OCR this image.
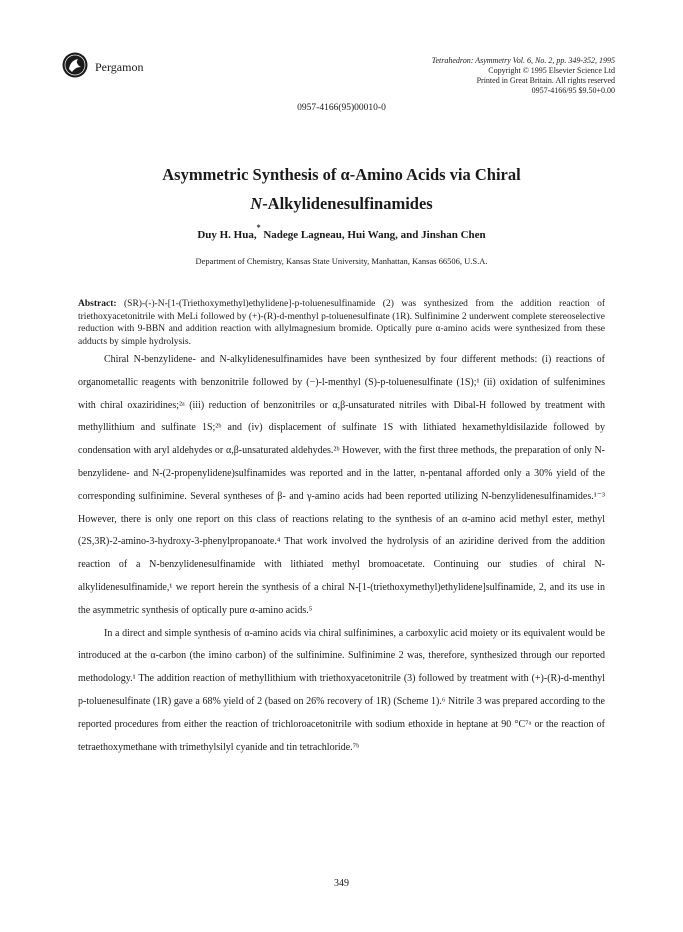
Pergamon	Tetrahedron: Asymmetry Vol. 6, No. 2, pp. 349-352, 1995
Copyright © 1995 Elsevier Science Ltd
Printed in Great Britain. All rights reserved
0957-4166/95 $9.50+0.00
0957-4166(95)00010-0
Asymmetric Synthesis of α-Amino Acids via Chiral
N-Alkylidenesulfinamides
Duy H. Hua,* Nadege Lagneau, Hui Wang, and Jinshan Chen
Department of Chemistry, Kansas State University, Manhattan, Kansas 66506, U.S.A.
Abstract: (SR)-(-)-N-[1-(Triethoxymethyl)ethylidene]-p-toluenesulfinamide (2) was synthesized from the addition reaction of triethoxyacetonitrile with MeLi followed by (+)-(R)-d-menthyl p-toluenesulfinate (1R). Sulfinimine 2 underwent complete stereoselective reduction with 9-BBN and addition reaction with allylmagnesium bromide. Optically pure α-amino acids were synthesized from these adducts by simple hydrolysis.

Chiral N-benzylidene- and N-alkylidenesulfinamides have been synthesized by four different methods: (i) reactions of organometallic reagents with benzonitrile followed by (−)-l-menthyl (S)-p-toluenesulfinate (1S);¹ (ii) oxidation of sulfenimines with chiral oxaziridines;²ᵃ (iii) reduction of benzonitriles or α,β-unsaturated nitriles with Dibal-H followed by treatment with methyllithium and sulfinate 1S;²ᵇ and (iv) displacement of sulfinate 1S with lithiated hexamethyldisilazide followed by condensation with aryl aldehydes or α,β-unsaturated aldehydes.²ᵇ However, with the first three methods, the preparation of only N-benzylidene- and N-(2-propenylidene)sulfinamides was reported and in the latter, n-pentanal afforded only a 30% yield of the corresponding sulfinimine. Several syntheses of β- and γ-amino acids had been reported utilizing N-benzylidenesulfinamides.¹⁻³ However, there is only one report on this class of reactions relating to the synthesis of an α-amino acid methyl ester, methyl (2S,3R)-2-amino-3-hydroxy-3-phenylpropanoate.⁴ That work involved the hydrolysis of an aziridine derived from the addition reaction of a N-benzylidenesulfinamide with lithiated methyl bromoacetate. Continuing our studies of chiral N-alkylidenesulfinamide,¹ we report herein the synthesis of a chiral N-[1-(triethoxymethyl)ethylidene]sulfinamide, 2, and its use in the asymmetric synthesis of optically pure α-amino acids.⁵

In a direct and simple synthesis of α-amino acids via chiral sulfinimines, a carboxylic acid moiety or its equivalent would be introduced at the α-carbon (the imino carbon) of the sulfinimine. Sulfinimine 2 was, therefore, synthesized through our reported methodology.¹ The addition reaction of methyllithium with triethoxyacetonitrile (3) followed by treatment with (+)-(R)-d-menthyl p-toluenesulfinate (1R) gave a 68% yield of 2 (based on 26% recovery of 1R) (Scheme 1).⁶ Nitrile 3 was prepared according to the reported procedures from either the reaction of trichloroacetonitrile with sodium ethoxide in heptane at 90 °C⁷ᵃ or the reaction of tetraethoxymethane with trimethylsilyl cyanide and tin tetrachloride.⁷ᵇ

349
